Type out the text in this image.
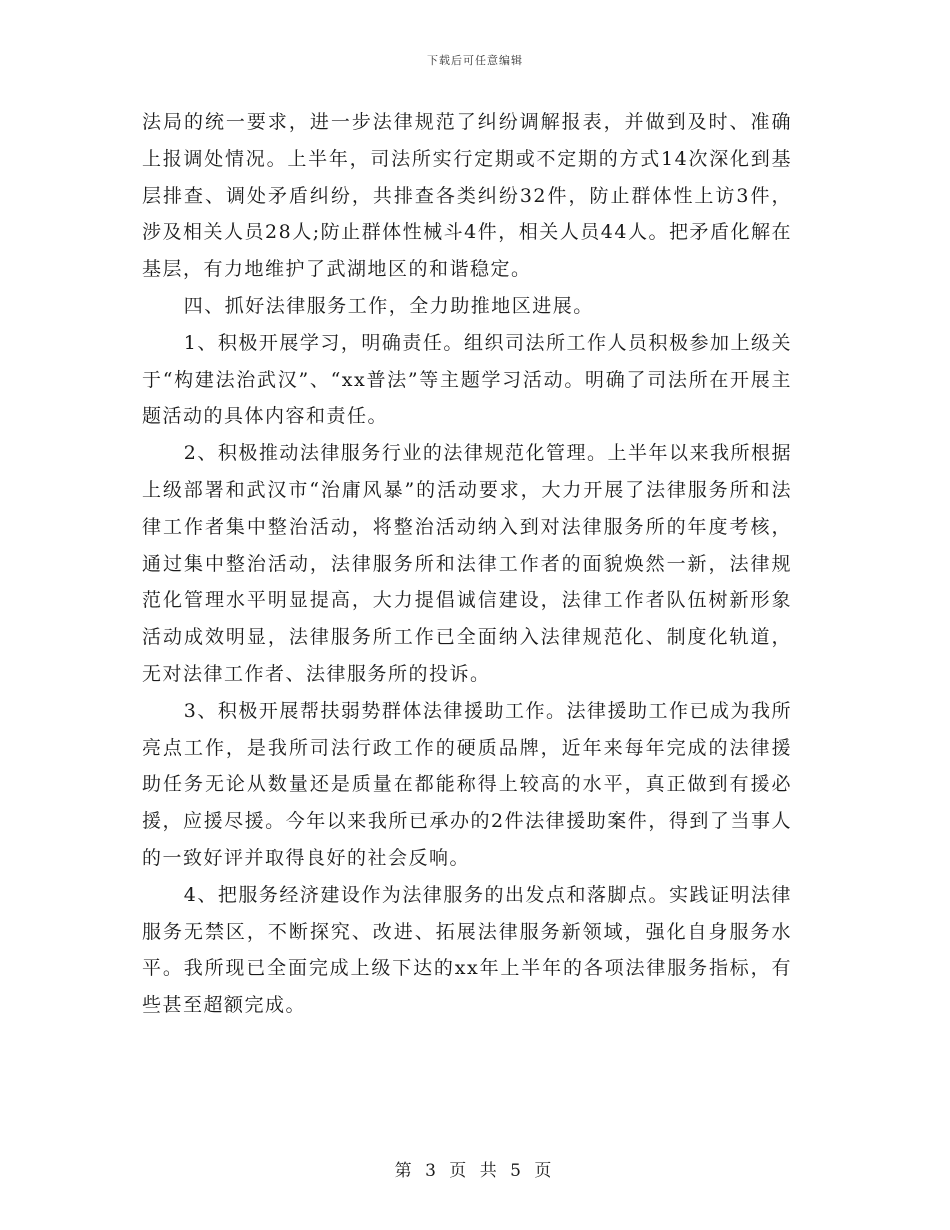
下载后可任意编辑

法局的统一要求，进一步法律规范了纠纷调解报表，并做到及时、准确上报调处情况。上半年，司法所实行定期或不定期的方式14次深化到基层排查、调处矛盾纠纷，共排查各类纠纷32件，防止群体性上访3件，涉及相关人员28人;防止群体性械斗4件，相关人员44人。把矛盾化解在基层，有力地维护了武湖地区的和谐稳定。

四、抓好法律服务工作，全力助推地区进展。

1、积极开展学习，明确责任。组织司法所工作人员积极参加上级关于“构建法治武汉”、“xx普法”等主题学习活动。明确了司法所在开展主题活动的具体内容和责任。

2、积极推动法律服务行业的法律规范化管理。上半年以来我所根据上级部署和武汉市“治庸风暴”的活动要求，大力开展了法律服务所和法律工作者集中整治活动，将整治活动纳入到对法律服务所的年度考核，通过集中整治活动，法律服务所和法律工作者的面貌焕然一新，法律规范化管理水平明显提高，大力提倡诚信建设，法律工作者队伍树新形象活动成效明显，法律服务所工作已全面纳入法律规范化、制度化轨道，无对法律工作者、法律服务所的投诉。

3、积极开展帮扶弱势群体法律援助工作。法律援助工作已成为我所亮点工作，是我所司法行政工作的硬质品牌，近年来每年完成的法律援助任务无论从数量还是质量在都能称得上较高的水平，真正做到有援必援，应援尽援。今年以来我所已承办的2件法律援助案件，得到了当事人的一致好评并取得良好的社会反响。

4、把服务经济建设作为法律服务的出发点和落脚点。实践证明法律服务无禁区，不断探究、改进、拓展法律服务新领域，强化自身服务水平。我所现已全面完成上级下达的xx年上半年的各项法律服务指标，有些甚至超额完成。

第 3 页 共 5 页
